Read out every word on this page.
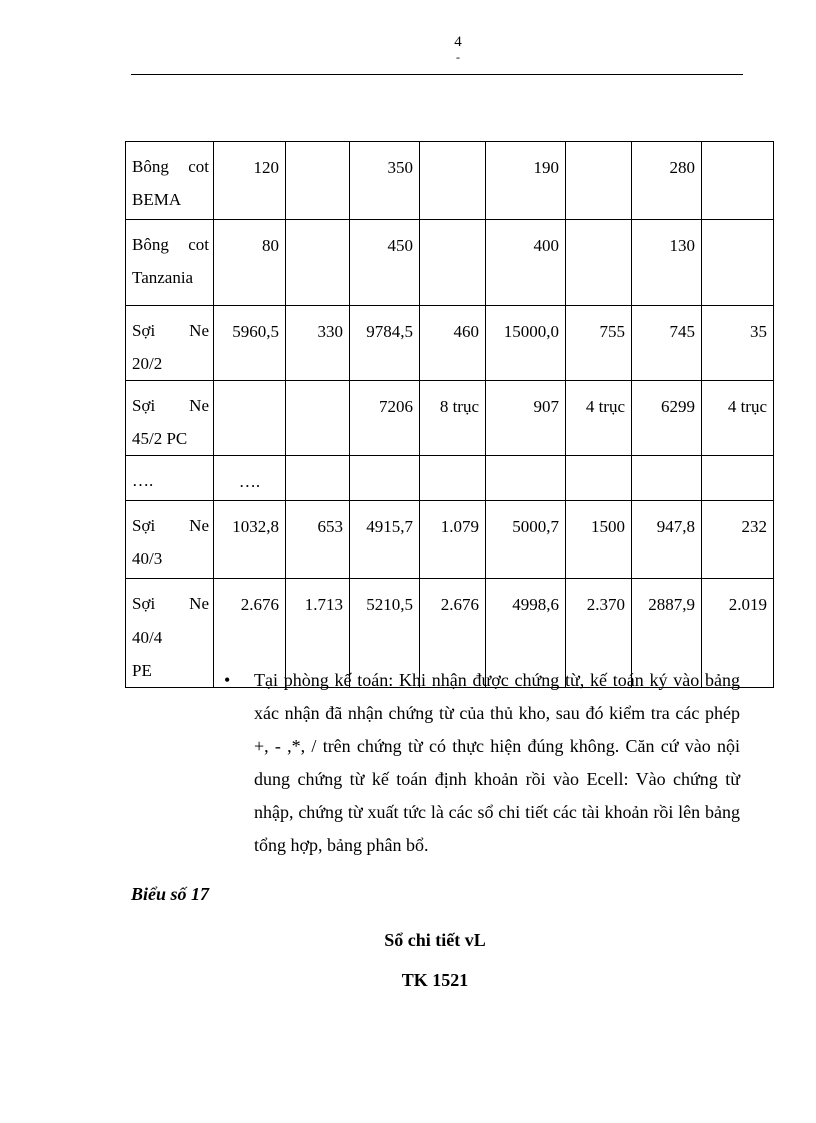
4
-
Bông cot
BEMA	120		350		190		280	

Bông cot
Tanzania	80		450		400		130	

Sợi Ne
20/2	5960,5	330	9784,5	460	15000,0	755	745	35

Sợi Ne
45/2 PC			7206	8 trục	907	4 trục	6299	4 trục

….	….							

Sợi Ne
40/3	1032,8	653	4915,7	1.079	5000,7	1500	947,8	232

Sợi Ne 40/4
PE	2.676	1.713	5210,5	2.676	4998,6	2.370	2887,9	2.019
•	Tại phòng kế toán: Khi nhận được chứng từ, kế toán ký vào bảng xác nhận đã nhận chứng từ của thủ kho, sau đó kiểm tra các phép +, - ,*, / trên chứng từ có thực hiện đúng không. Căn cứ vào nội dung chứng từ kế toán định khoản rồi vào Ecell: Vào chứng từ nhập, chứng từ xuất tức là các sổ chi tiết các tài khoản rồi lên bảng tổng hợp, bảng phân bổ.
Biểu số 17
Sổ chi tiết vL
TK 1521
